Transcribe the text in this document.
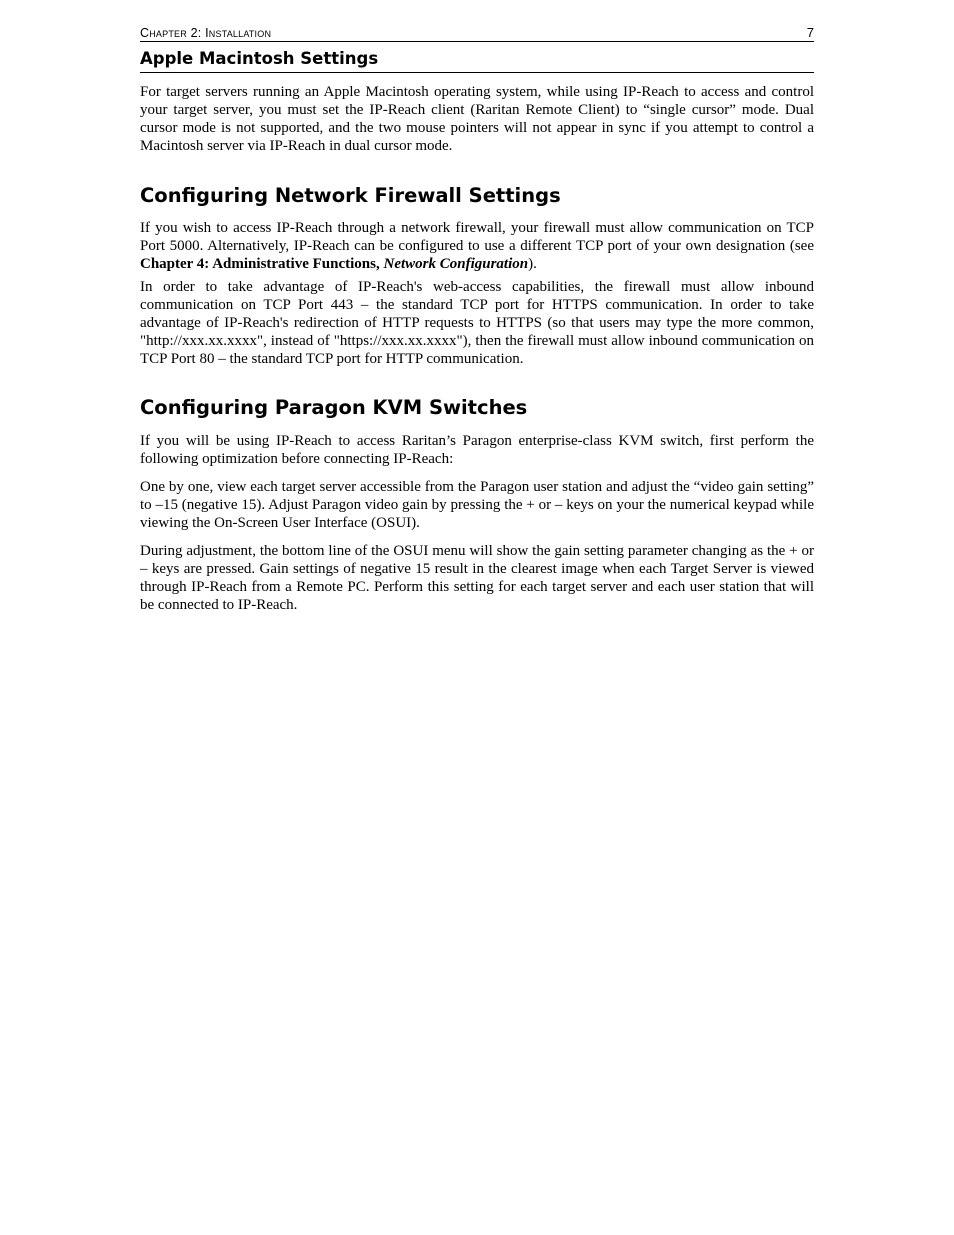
Chapter 2: Installation	7
Apple Macintosh Settings

For target servers running an Apple Macintosh operating system, while using IP-Reach to access and control your target server, you must set the IP-Reach client (Raritan Remote Client) to “single cursor” mode. Dual cursor mode is not supported, and the two mouse pointers will not appear in sync if you attempt to control a Macintosh server via IP-Reach in dual cursor mode.

Configuring Network Firewall Settings

If you wish to access IP-Reach through a network firewall, your firewall must allow communication on TCP Port 5000. Alternatively, IP-Reach can be configured to use a different TCP port of your own designation (see Chapter 4: Administrative Functions, Network Configuration).

In order to take advantage of IP-Reach's web-access capabilities, the firewall must allow inbound communication on TCP Port 443 – the standard TCP port for HTTPS communication. In order to take advantage of IP-Reach's redirection of HTTP requests to HTTPS (so that users may type the more common, "http://xxx.xx.xxxx", instead of "https://xxx.xx.xxxx"), then the firewall must allow inbound communication on TCP Port 80 – the standard TCP port for HTTP communication.

Configuring Paragon KVM Switches

If you will be using IP-Reach to access Raritan’s Paragon enterprise-class KVM switch, first perform the following optimization before connecting IP-Reach:

One by one, view each target server accessible from the Paragon user station and adjust the “video gain setting” to –15 (negative 15). Adjust Paragon video gain by pressing the + or – keys on your the numerical keypad while viewing the On-Screen User Interface (OSUI).

During adjustment, the bottom line of the OSUI menu will show the gain setting parameter changing as the + or – keys are pressed. Gain settings of negative 15 result in the clearest image when each Target Server is viewed through IP-Reach from a Remote PC. Perform this setting for each target server and each user station that will be connected to IP-Reach.
